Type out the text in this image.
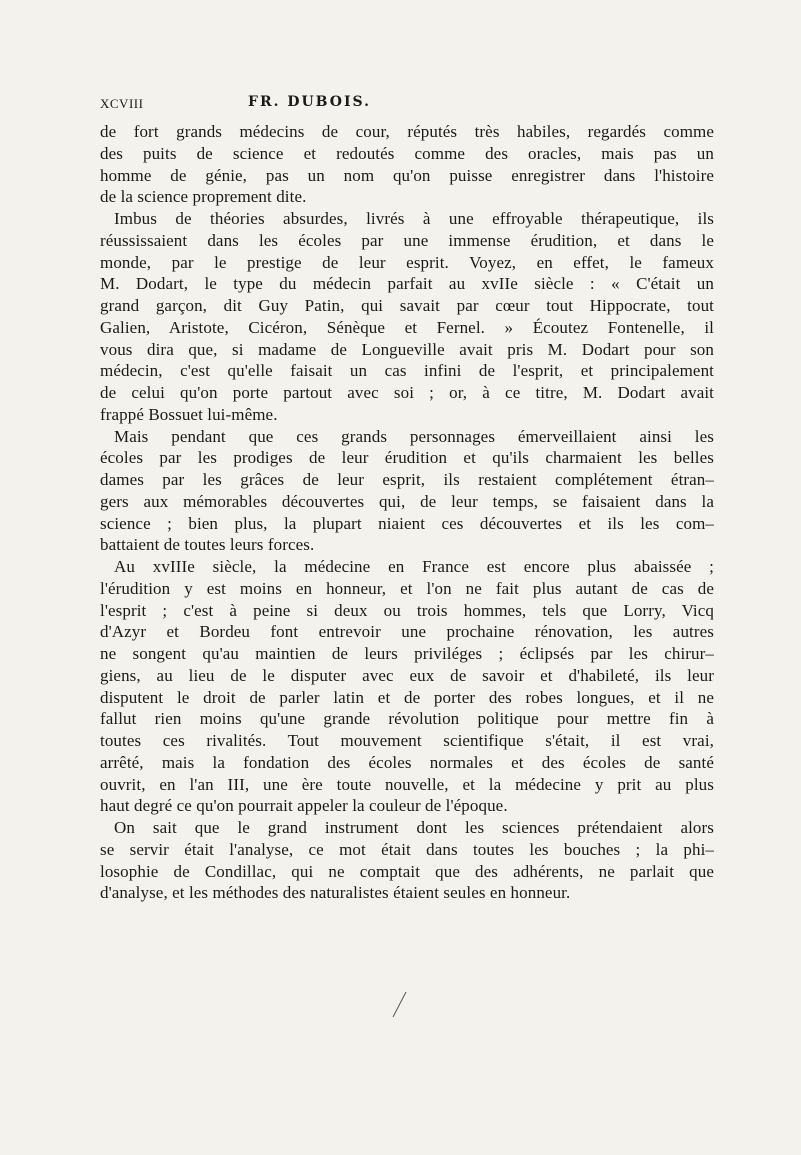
XCVIII	FR. DUBOIS.
de fort grands médecins de cour, réputés très habiles, regardés comme
des puits de science et redoutés comme des oracles, mais pas un
homme de génie, pas un nom qu'on puisse enregistrer dans l'histoire
de la science proprement dite.
Imbus de théories absurdes, livrés à une effroyable thérapeutique, ils
réussissaient dans les écoles par une immense érudition, et dans le
monde, par le prestige de leur esprit. Voyez, en effet, le fameux
M. Dodart, le type du médecin parfait au xvIIe siècle : « C'était un
grand garçon, dit Guy Patin, qui savait par cœur tout Hippocrate, tout
Galien, Aristote, Cicéron, Sénèque et Fernel. » Écoutez Fontenelle, il
vous dira que, si madame de Longueville avait pris M. Dodart pour son
médecin, c'est qu'elle faisait un cas infini de l'esprit, et principalement
de celui qu'on porte partout avec soi ; or, à ce titre, M. Dodart avait
frappé Bossuet lui-même.
Mais pendant que ces grands personnages émerveillaient ainsi les
écoles par les prodiges de leur érudition et qu'ils charmaient les belles
dames par les grâces de leur esprit, ils restaient complétement étran–
gers aux mémorables découvertes qui, de leur temps, se faisaient dans la
science ; bien plus, la plupart niaient ces découvertes et ils les com–
battaient de toutes leurs forces.
Au xvIIIe siècle, la médecine en France est encore plus abaissée ;
l'érudition y est moins en honneur, et l'on ne fait plus autant de cas de
l'esprit ; c'est à peine si deux ou trois hommes, tels que Lorry, Vicq
d'Azyr et Bordeu font entrevoir une prochaine rénovation, les autres
ne songent qu'au maintien de leurs priviléges ; éclipsés par les chirur–
giens, au lieu de le disputer avec eux de savoir et d'habileté, ils leur
disputent le droit de parler latin et de porter des robes longues, et il ne
fallut rien moins qu'une grande révolution politique pour mettre fin à
toutes ces rivalités. Tout mouvement scientifique s'était, il est vrai,
arrêté, mais la fondation des écoles normales et des écoles de santé
ouvrit, en l'an III, une ère toute nouvelle, et la médecine y prit au plus
haut degré ce qu'on pourrait appeler la couleur de l'époque.
On sait que le grand instrument dont les sciences prétendaient alors
se servir était l'analyse, ce mot était dans toutes les bouches ; la phi–
losophie de Condillac, qui ne comptait que des adhérents, ne parlait que
d'analyse, et les méthodes des naturalistes étaient seules en honneur.
